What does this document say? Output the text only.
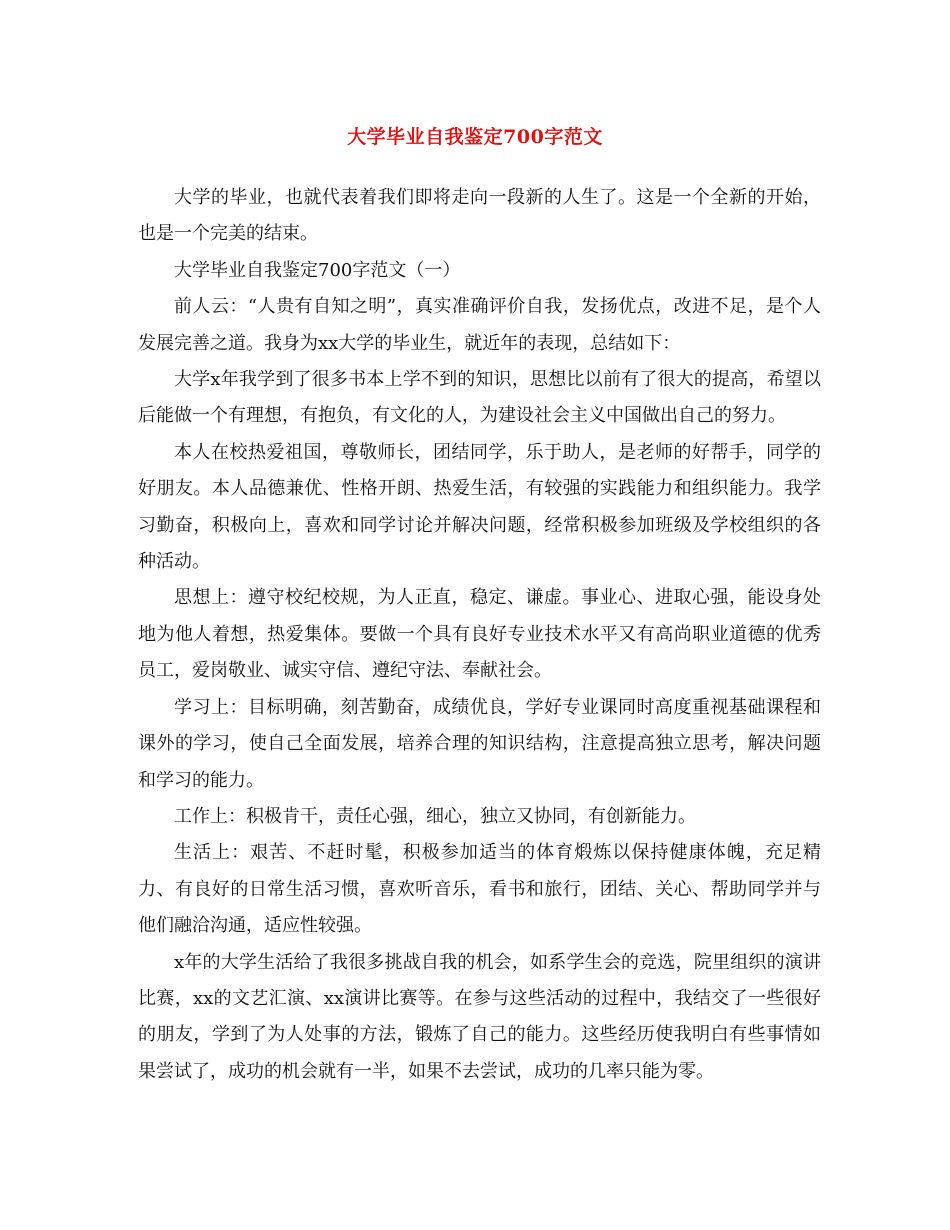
大学毕业自我鉴定700字范文

大学的毕业，也就代表着我们即将走向一段新的人生了。这是一个全新的开始，也是一个完美的结束。

大学毕业自我鉴定700字范文（一）

前人云：“人贵有自知之明”，真实准确评价自我，发扬优点，改进不足，是个人发展完善之道。我身为xx大学的毕业生，就近年的表现，总结如下：

大学x年我学到了很多书本上学不到的知识，思想比以前有了很大的提高，希望以后能做一个有理想，有抱负，有文化的人，为建设社会主义中国做出自己的努力。

本人在校热爱祖国，尊敬师长，团结同学，乐于助人，是老师的好帮手，同学的好朋友。本人品德兼优、性格开朗、热爱生活，有较强的实践能力和组织能力。我学习勤奋，积极向上，喜欢和同学讨论并解决问题，经常积极参加班级及学校组织的各种活动。

思想上：遵守校纪校规，为人正直，稳定、谦虚。事业心、进取心强，能设身处地为他人着想，热爱集体。要做一个具有良好专业技术水平又有高尚职业道德的优秀员工，爱岗敬业、诚实守信、遵纪守法、奉献社会。

学习上：目标明确，刻苦勤奋，成绩优良，学好专业课同时高度重视基础课程和课外的学习，使自己全面发展，培养合理的知识结构，注意提高独立思考，解决问题和学习的能力。

工作上：积极肯干，责任心强，细心，独立又协同，有创新能力。

生活上：艰苦、不赶时髦，积极参加适当的体育煅炼以保持健康体魄，充足精力、有良好的日常生活习惯，喜欢听音乐，看书和旅行，团结、关心、帮助同学并与他们融洽沟通，适应性较强。

x年的大学生活给了我很多挑战自我的机会，如系学生会的竞选，院里组织的演讲比赛，xx的文艺汇演、xx演讲比赛等。在参与这些活动的过程中，我结交了一些很好的朋友，学到了为人处事的方法，锻炼了自己的能力。这些经历使我明白有些事情如果尝试了，成功的机会就有一半，如果不去尝试，成功的几率只能为零。
